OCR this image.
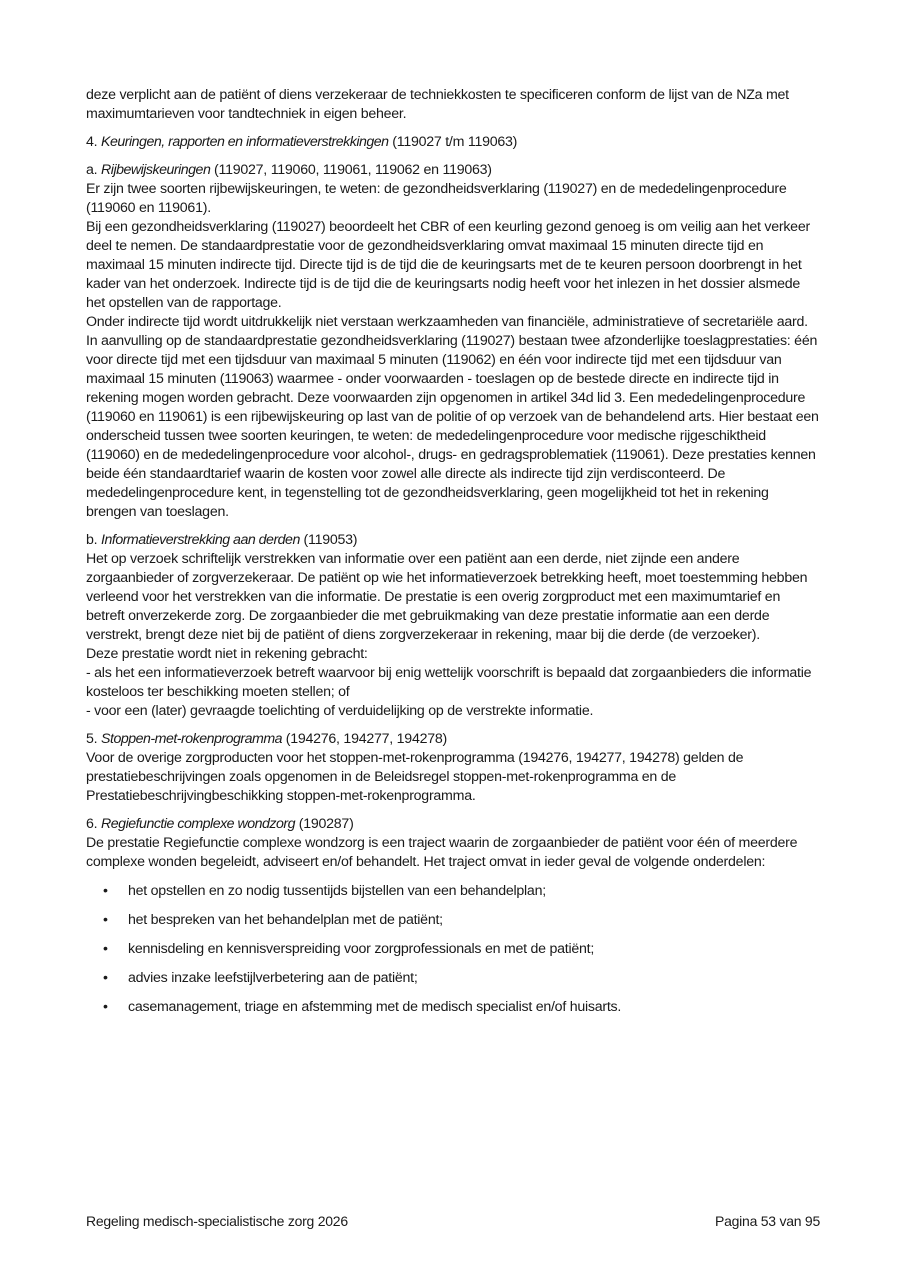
deze verplicht aan de patiënt of diens verzekeraar de techniekkosten te specificeren conform de lijst van de NZa met maximumtarieven voor tandtechniek in eigen beheer.

4. Keuringen, rapporten en informatieverstrekkingen (119027 t/m 119063)

a. Rijbewijskeuringen (119027, 119060, 119061, 119062 en 119063)

Er zijn twee soorten rijbewijskeuringen, te weten: de gezondheidsverklaring (119027) en de mededelingenprocedure (119060 en 119061).

Bij een gezondheidsverklaring (119027) beoordeelt het CBR of een keurling gezond genoeg is om veilig aan het verkeer deel te nemen. De standaardprestatie voor de gezondheidsverklaring omvat maximaal 15 minuten directe tijd en maximaal 15 minuten indirecte tijd. Directe tijd is de tijd die de keuringsarts met de te keuren persoon doorbrengt in het kader van het onderzoek. Indirecte tijd is de tijd die de keuringsarts nodig heeft voor het inlezen in het dossier alsmede het opstellen van de rapportage.

Onder indirecte tijd wordt uitdrukkelijk niet verstaan werkzaamheden van financiële, administratieve of secretariële aard. In aanvulling op de standaardprestatie gezondheidsverklaring (119027) bestaan twee afzonderlijke toeslagprestaties: één voor directe tijd met een tijdsduur van maximaal 5 minuten (119062) en één voor indirecte tijd met een tijdsduur van maximaal 15 minuten (119063) waarmee - onder voorwaarden - toeslagen op de bestede directe en indirecte tijd in rekening mogen worden gebracht. Deze voorwaarden zijn opgenomen in artikel 34d lid 3. Een mededelingenprocedure (119060 en 119061) is een rijbewijskeuring op last van de politie of op verzoek van de behandelend arts. Hier bestaat een onderscheid tussen twee soorten keuringen, te weten: de mededelingenprocedure voor medische rijgeschiktheid (119060) en de mededelingenprocedure voor alcohol-, drugs- en gedragsproblematiek (119061). Deze prestaties kennen beide één standaardtarief waarin de kosten voor zowel alle directe als indirecte tijd zijn verdisconteerd. De mededelingenprocedure kent, in tegenstelling tot de gezondheidsverklaring, geen mogelijkheid tot het in rekening brengen van toeslagen.

b. Informatieverstrekking aan derden (119053)

Het op verzoek schriftelijk verstrekken van informatie over een patiënt aan een derde, niet zijnde een andere zorgaanbieder of zorgverzekeraar. De patiënt op wie het informatieverzoek betrekking heeft, moet toestemming hebben verleend voor het verstrekken van die informatie. De prestatie is een overig zorgproduct met een maximumtarief en betreft onverzekerde zorg. De zorgaanbieder die met gebruikmaking van deze prestatie informatie aan een derde verstrekt, brengt deze niet bij de patiënt of diens zorgverzekeraar in rekening, maar bij die derde (de verzoeker).

Deze prestatie wordt niet in rekening gebracht:

- als het een informatieverzoek betreft waarvoor bij enig wettelijk voorschrift is bepaald dat zorgaanbieders die informatie kosteloos ter beschikking moeten stellen; of

- voor een (later) gevraagde toelichting of verduidelijking op de verstrekte informatie.

5. Stoppen-met-rokenprogramma (194276, 194277, 194278)

Voor de overige zorgproducten voor het stoppen-met-rokenprogramma (194276, 194277, 194278) gelden de prestatiebeschrijvingen zoals opgenomen in de Beleidsregel stoppen-met-rokenprogramma en de Prestatiebeschrijvingbeschikking stoppen-met-rokenprogramma.

6. Regiefunctie complexe wondzorg (190287)

De prestatie Regiefunctie complexe wondzorg is een traject waarin de zorgaanbieder de patiënt voor één of meerdere complexe wonden begeleidt, adviseert en/of behandelt. Het traject omvat in ieder geval de volgende onderdelen:

• het opstellen en zo nodig tussentijds bijstellen van een behandelplan;
• het bespreken van het behandelplan met de patiënt;
• kennisdeling en kennisverspreiding voor zorgprofessionals en met de patiënt;
• advies inzake leefstijlverbetering aan de patiënt;
• casemanagement, triage en afstemming met de medisch specialist en/of huisarts.
Regeling medisch-specialistische zorg 2026	Pagina 53 van 95
